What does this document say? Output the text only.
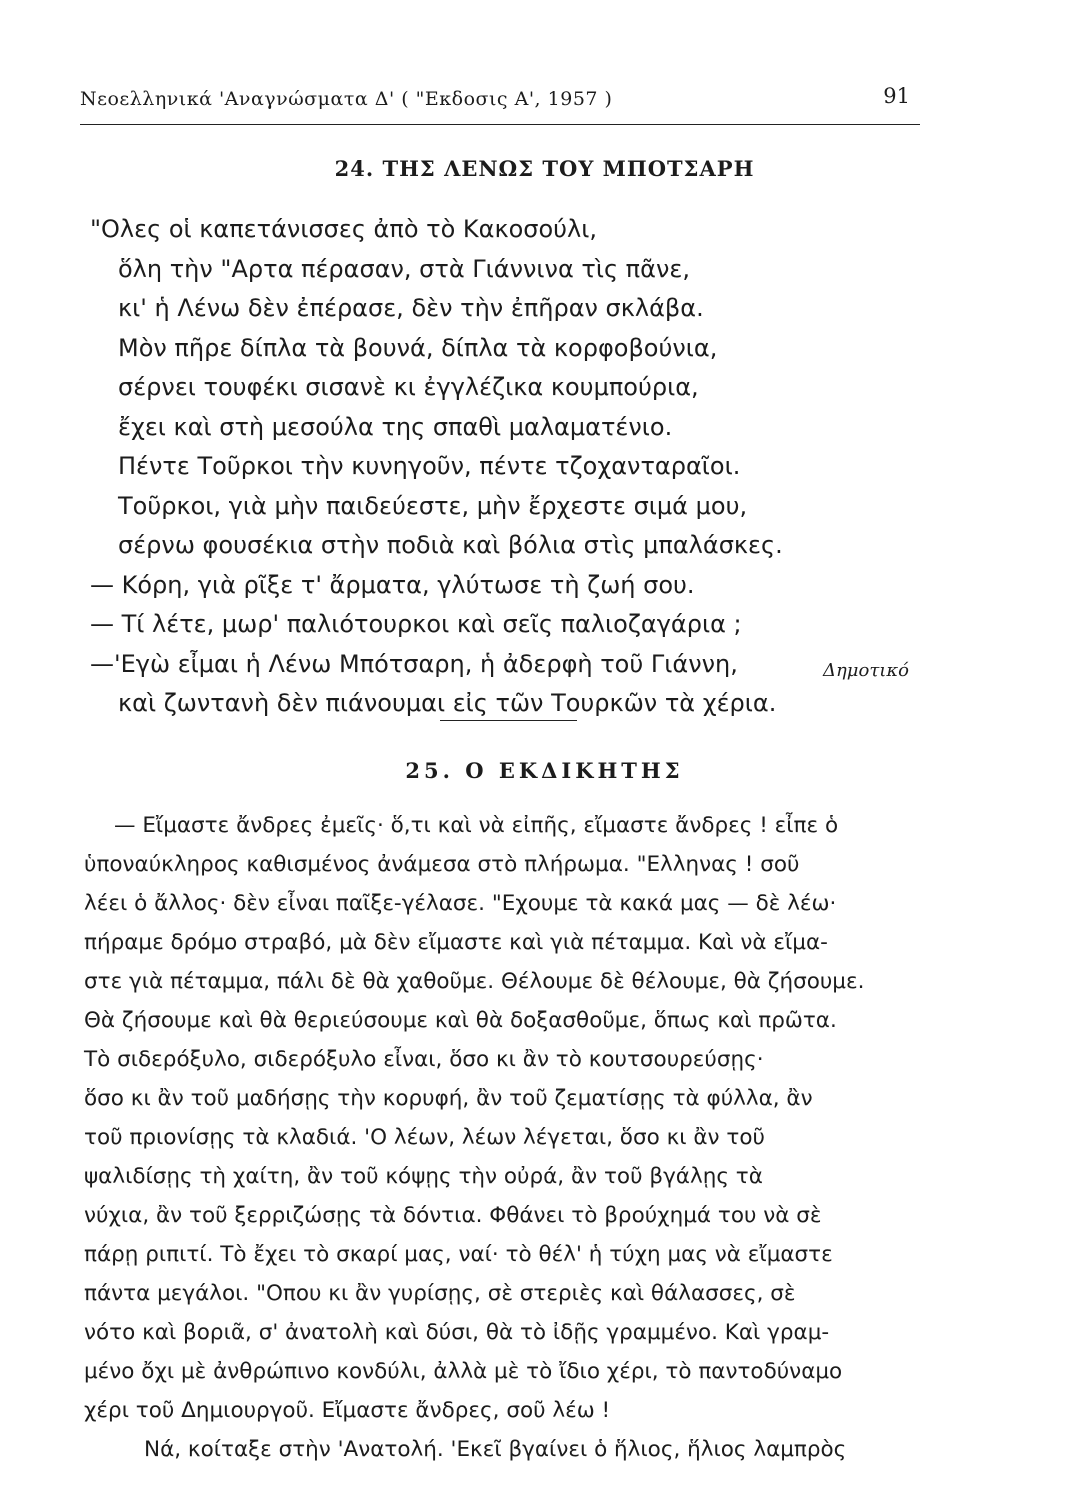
Νεοελληνικά 'Αναγνώσματα Δ' ( "Εκδοσις Α', 1957 )	91
24. ΤΗΣ ΛΕΝΩΣ ΤΟΥ ΜΠΟΤΣΑΡΗ
"Ολες οἱ καπετάνισσες ἀπὸ τὸ Κακοσούλι,
ὅλη τὴν "Αρτα πέρασαν, στὰ Γιάννινα τὶς πᾶνε,
κι' ἡ Λένω δὲν ἐπέρασε, δὲν τὴν ἐπῆραν σκλάβα.
Μὸν πῆρε δίπλα τὰ βουνά, δίπλα τὰ κορφοβούνια,
σέρνει τουφέκι σισανὲ κι ἐγγλέζικα κουμπούρια,
ἔχει καὶ στὴ μεσούλα της σπαθὶ μαλαματένιο.
Πέντε Τοῦρκοι τὴν κυνηγοῦν, πέντε τζοχανταραῖοι.
Τοῦρκοι, γιὰ μὴν παιδεύεστε, μὴν ἔρχεστε σιμά μου,
σέρνω φουσέκια στὴν ποδιὰ καὶ βόλια στὶς μπαλάσκες.
— Κόρη, γιὰ ρῖξε τ' ἄρματα, γλύτωσε τὴ ζωή σου.
— Τί λέτε, μωρ' παλιότουρκοι καὶ σεῖς παλιοζαγάρια ;
—'Εγὼ εἶμαι ἡ Λένω Μπότσαρη, ἡ ἀδερφὴ τοῦ Γιάννη,
καὶ ζωντανὴ δὲν πιάνουμαι εἰς τῶν Τουρκῶν τὰ χέρια.
Δημοτικό
25. Ο ΕΚΔΙΚΗΤΗΣ
— Εἴμαστε ἄνδρες ἐμεῖς· ὅ,τι καὶ νὰ εἰπῆς, εἴμαστε ἄνδρες ! εἶπε ὁ
ὑποναύκληρος καθισμένος ἀνάμεσα στὸ πλήρωμα. "Ελληνας ! σοῦ
λέει ὁ ἄλλος· δὲν εἶναι παῖξε-γέλασε. "Εχουμε τὰ κακά μας — δὲ λέω·
πήραμε δρόμο στραβό, μὰ δὲν εἴμαστε καὶ γιὰ πέταμμα. Καὶ νὰ εἴμα-
στε γιὰ πέταμμα, πάλι δὲ θὰ χαθοῦμε. Θέλουμε δὲ θέλουμε, θὰ ζήσουμε.
Θὰ ζήσουμε καὶ θὰ θεριεύσουμε καὶ θὰ δοξασθοῦμε, ὅπως καὶ πρῶτα.
Τὸ σιδερόξυλο, σιδερόξυλο εἶναι, ὅσο κι ἂν τὸ κουτσουρεύσῃς·
ὅσο κι ἂν τοῦ μαδήσῃς τὴν κορυφή, ἂν τοῦ ζεματίσῃς τὰ φύλλα, ἂν
τοῦ πριονίσῃς τὰ κλαδιά. 'Ο λέων, λέων λέγεται, ὅσο κι ἂν τοῦ
ψαλιδίσῃς τὴ χαίτη, ἂν τοῦ κόψῃς τὴν οὐρά, ἂν τοῦ βγάλῃς τὰ
νύχια, ἂν τοῦ ξερριζώσῃς τὰ δόντια. Φθάνει τὸ βρούχημά του νὰ σὲ
πάρῃ ριπιτί. Τὸ ἔχει τὸ σκαρί μας, ναί· τὸ θέλ' ἡ τύχη μας νὰ εἴμαστε
πάντα μεγάλοι. "Οπου κι ἂν γυρίσῃς, σὲ στεριὲς καὶ θάλασσες, σὲ
νότο καὶ βοριᾶ, σ' ἀνατολὴ καὶ δύσι, θὰ τὸ ἰδῇς γραμμένο. Καὶ γραμ-
μένο ὄχι μὲ ἀνθρώπινο κονδύλι, ἀλλὰ μὲ τὸ ἴδιο χέρι, τὸ παντοδύναμο
χέρι τοῦ Δημιουργοῦ. Εἴμαστε ἄνδρες, σοῦ λέω !
Νά, κοίταξε στὴν 'Ανατολή. 'Εκεῖ βγαίνει ὁ ἥλιος, ἥλιος λαμπρὸς
